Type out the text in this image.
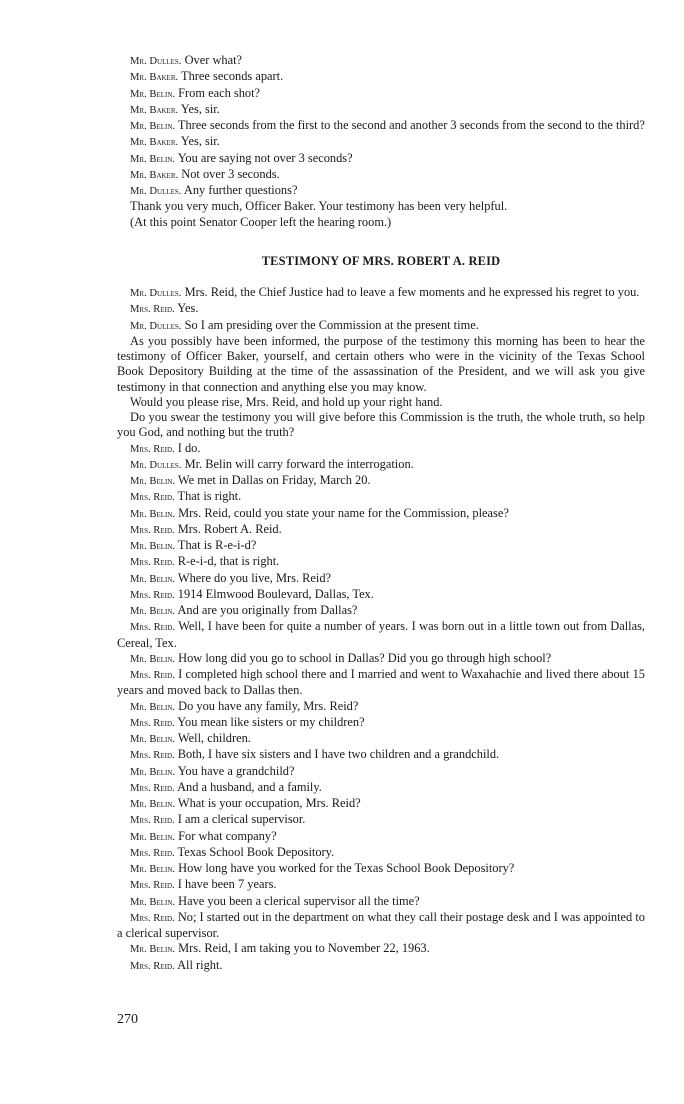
Mr. Dulles. Over what?

Mr. Baker. Three seconds apart.

Mr. Belin. From each shot?

Mr. Baker. Yes, sir.

Mr. Belin. Three seconds from the first to the second and another 3 seconds from the second to the third?

Mr. Baker. Yes, sir.

Mr. Belin. You are saying not over 3 seconds?

Mr. Baker. Not over 3 seconds.

Mr. Dulles. Any further questions?

Thank you very much, Officer Baker. Your testimony has been very helpful.

(At this point Senator Cooper left the hearing room.)

TESTIMONY OF MRS. ROBERT A. REID

Mr. Dulles. Mrs. Reid, the Chief Justice had to leave a few moments and he expressed his regret to you.

Mrs. Reid. Yes.

Mr. Dulles. So I am presiding over the Commission at the present time.

As you possibly have been informed, the purpose of the testimony this morning has been to hear the testimony of Officer Baker, yourself, and certain others who were in the vicinity of the Texas School Book Depository Building at the time of the assassination of the President, and we will ask you give testimony in that connection and anything else you may know.

Would you please rise, Mrs. Reid, and hold up your right hand.

Do you swear the testimony you will give before this Commission is the truth, the whole truth, so help you God, and nothing but the truth?

Mrs. Reid. I do.

Mr. Dulles. Mr. Belin will carry forward the interrogation.

Mr. Belin. We met in Dallas on Friday, March 20.

Mrs. Reid. That is right.

Mr. Belin. Mrs. Reid, could you state your name for the Commission, please?

Mrs. Reid. Mrs. Robert A. Reid.

Mr. Belin. That is R-e-i-d?

Mrs. Reid. R-e-i-d, that is right.

Mr. Belin. Where do you live, Mrs. Reid?

Mrs. Reid. 1914 Elmwood Boulevard, Dallas, Tex.

Mr. Belin. And are you originally from Dallas?

Mrs. Reid. Well, I have been for quite a number of years. I was born out in a little town out from Dallas, Cereal, Tex.

Mr. Belin. How long did you go to school in Dallas? Did you go through high school?

Mrs. Reid. I completed high school there and I married and went to Waxahachie and lived there about 15 years and moved back to Dallas then.

Mr. Belin. Do you have any family, Mrs. Reid?

Mrs. Reid. You mean like sisters or my children?

Mr. Belin. Well, children.

Mrs. Reid. Both, I have six sisters and I have two children and a grandchild.

Mr. Belin. You have a grandchild?

Mrs. Reid. And a husband, and a family.

Mr. Belin. What is your occupation, Mrs. Reid?

Mrs. Reid. I am a clerical supervisor.

Mr. Belin. For what company?

Mrs. Reid. Texas School Book Depository.

Mr. Belin. How long have you worked for the Texas School Book Depository?

Mrs. Reid. I have been 7 years.

Mr. Belin. Have you been a clerical supervisor all the time?

Mrs. Reid. No; I started out in the department on what they call their postage desk and I was appointed to a clerical supervisor.

Mr. Belin. Mrs. Reid, I am taking you to November 22, 1963.

Mrs. Reid. All right.

270
